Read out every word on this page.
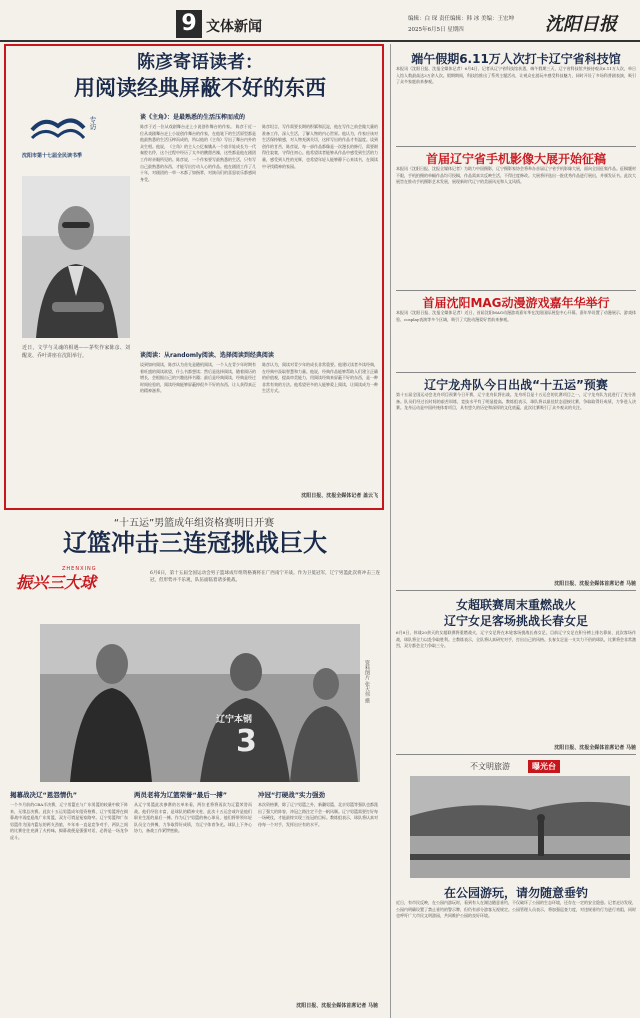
9 文体新闻	编辑：白 琛 责任编辑：韩 冰 美编：王宏坤
2025年6月5日 星期四	沈阳日报
陈彦寄语读者：
用阅读经典屏蔽不好的东西
专访
沈阳市第十七届全民读书季
近日，文学与灵魂的相遇——茅奖作家陈彦、刘醒龙、乔叶讲座在沈阳举行。
谈《主角》：是最熟悉的生活压榨而成的
陈彦于近一位从戏剧舞台走上小说创作舞台的作家。 陈彦于近一位从戏剧舞台走上小说创作舞台的作家，在他笔下的生活原型都是他最熟悉的生活压榨而成的，所以他的《主角》写出了舞台内外的众生相。他说，《主角》的主人公忆秦娥从一个放羊娃成长为一代秦腔名伶，这个过程中经历了太多的酸甜苦辣，这些都是他在剧团工作时亲眼所见的。陈彦说，一个作家要写最熟悉的生活，只有写自己最熟悉的东西，才能写出打动人心的作品。他在剧团工作了几十年，对剧团的一草一木都了如指掌，对演员们的喜怒哀乐都感同身受。
陈彦坦言，写作需要长期的积累和沉淀，他在写作之前会做大量的准备工作，深入生活，了解人物的内心世界。他认为，作家应该对生活保持敏感，对人物充满关切，这样写出的作品才有温度。谈到创作的甘苦，陈彦说，每一部作品都像是一次漫长的修行，需要耐得住寂寞，守得住初心。他希望读者能够从作品中感受到生活的力量，感受到人性的光辉，也希望年轻人能够静下心来读书，在阅读中寻找精神的家园。
谈阅读：从randomly阅读、选择阅读到经典阅读
谈到如何阅读，陈彦认为首先是随机阅读，一个人在青少年时期有着旺盛的阅读欲望，什么书都想读；然后是选择阅读，随着阅历的增长，会根据自己的兴趣选择书籍；最后是经典阅读，经典是经过时间检验的，阅读经典能够屏蔽掉很多不好的东西，让人获得真正的精神滋养。
陈彦认为，阅读对青少年的成长非常重要。他建议读者多读经典，在经典中汲取智慧和力量。他说，经典作品能够帮助人们建立正确的价值观，提高审美能力，用阅读经典来屏蔽不好的东西，是一种非常有效的方法。他希望更多的人能够爱上阅读，让阅读成为一种生活方式。
沈阳日报、沈报全媒体记者 盖云飞
“十五运”男篮成年组资格赛明日开赛
辽篮冲击三连冠挑战巨大
振兴三大球
ZHENXING
6月6日，第十五届全国运动会男子篮球成年组资格赛将在广西南宁开战。作为卫冕冠军，辽宁男篮此次将冲击三连冠，但形势并不乐观，队伍面临着诸多挑战。
辽宁本钢
3
资料图片 张大伟 摄
揭幕战决辽“恩怨情仇”
一个多月前的CBA半决赛，辽宁男篮在与广东男篮的较量中败下阵来，无缘总决赛。此次十五运男篮成年组资格赛，辽宁男篮将在揭幕战中再度迎战广东男篮，双方可谓是冤家路窄。辽宁男篮和广东男篮作为国内篮坛的两支劲旅，多年来一直是竞争对手，两队之间的比赛往往充满了火药味。揭幕战便是强强对话，必将是一场龙争虎斗。
两员老将为辽篮荣誉“最后一搏”
从辽宁男篮此次参赛的名单来看，两位老将将再次为辽篮荣誉而战。他们经验丰富，是球队的精神支柱，此次十五运会或许是他们职业生涯的最后一搏。作为辽宁男篮的核心球员，他们将带领年轻队员全力拼搏，力争取得好成绩，为辽宁体育争光。球队上下齐心协力，备战工作紧锣密鼓。
冲冠“打硬战”实力强劲
本次资格赛，除了辽宁男篮之外，新疆男篮、北京男篮等强队也都派出了强大的阵容，冲冠之路注定不会一帆风顺。辽宁男篮需要打好每一场硬仗，才能最终实现三连冠的目标。教练组表示，球队将认真对待每一个对手，发挥出应有的水平。
沈阳日报、沈报全媒体首席记者 马驰
端午假期6.11万人次打卡辽宁省科技馆
本报讯（沈阳日报、沈报全媒体记者）6月4日，记者从辽宁省科技馆获悉，端午假期三天，辽宁省科技馆共接待观众6.11万人次，单日入馆人数最高达3万余人次。假期期间，科技馆推出了系列主题活动，让观众在游玩中感受科技魅力，同时开设了多场科普剧表演，吸引了众多家庭前来参观。
首届辽宁省手机影像大展开始征稿
本报讯（沈阳日报、沈报全媒体记者）为助力中国摄影，辽宁摄影家协会将举办首届辽宁省手机影像大展，面向全国征集作品。征稿题材不限，手机拍摄的单幅作品均可投稿，作品需真实反映生活，不得过度修改。大展将评选出一批优秀作品进行展出，并颁发证书。此次大展旨在推动手机摄影艺术发展，展现新时代辽宁的美丽风光和人文风情。
首届沈阳MAG动漫游戏嘉年华举行
本报讯（沈阳日报、沈报全媒体记者）近日，首届沈阳MAG动漫游戏嘉年华在沈阳国际展览中心开幕。嘉年华设置了动漫展示、游戏体验、cosplay表演等多个区域，吸引了大批动漫爱好者前来参观。
辽宁龙舟队今日出战“十五运”预赛
第十五届全国运动会龙舟项目预赛今日开赛，辽宁龙舟队将出战。龙舟项目是十五运会的比赛项目之一，辽宁龙舟队为此进行了充分准备。队员们经过长时间的艰苦训练，竞技水平有了明显提高。教练组表示，球队将以最佳状态迎接比赛，争取取得好成绩，力争进入决赛。龙舟运动是中国传统体育项目，具有悠久的历史和深厚的文化底蕴，此次比赛吸引了众多观众的关注。
沈阳日报、沈报全媒体首席记者 马驰
女超联赛周末重燃战火
辽宁女足客场挑战长春女足
6月8日，休战20余天的女超联赛将重燃战火，辽宁女足将在本轮客场挑战长春女足。目前辽宁女足在积分榜上排名靠前，此次客场作战，球队将全力以赴争取胜利。主教练表示，全队将认真研究对手，打出自己的风格。长春女足是一支实力不俗的球队，比赛将会非常激烈，双方都会全力争取三分。
沈阳日报、沈报全媒体首席记者 马驰
不文明旅游	曝光台
在公园游玩，请勿随意垂钓
近日，有市民反映，在公园内游玩时，看到有人在湖边随意垂钓，不仅破坏了公园的生态环境，还存在一定的安全隐患。记者走访发现，公园内明确设置了禁止垂钓的警示牌，但仍有部分游客无视规定。公园管理人员表示，将加强巡查力度，对违规垂钓行为进行劝阻，同时也呼吁广大市民文明游园，共同维护公园的良好环境。
